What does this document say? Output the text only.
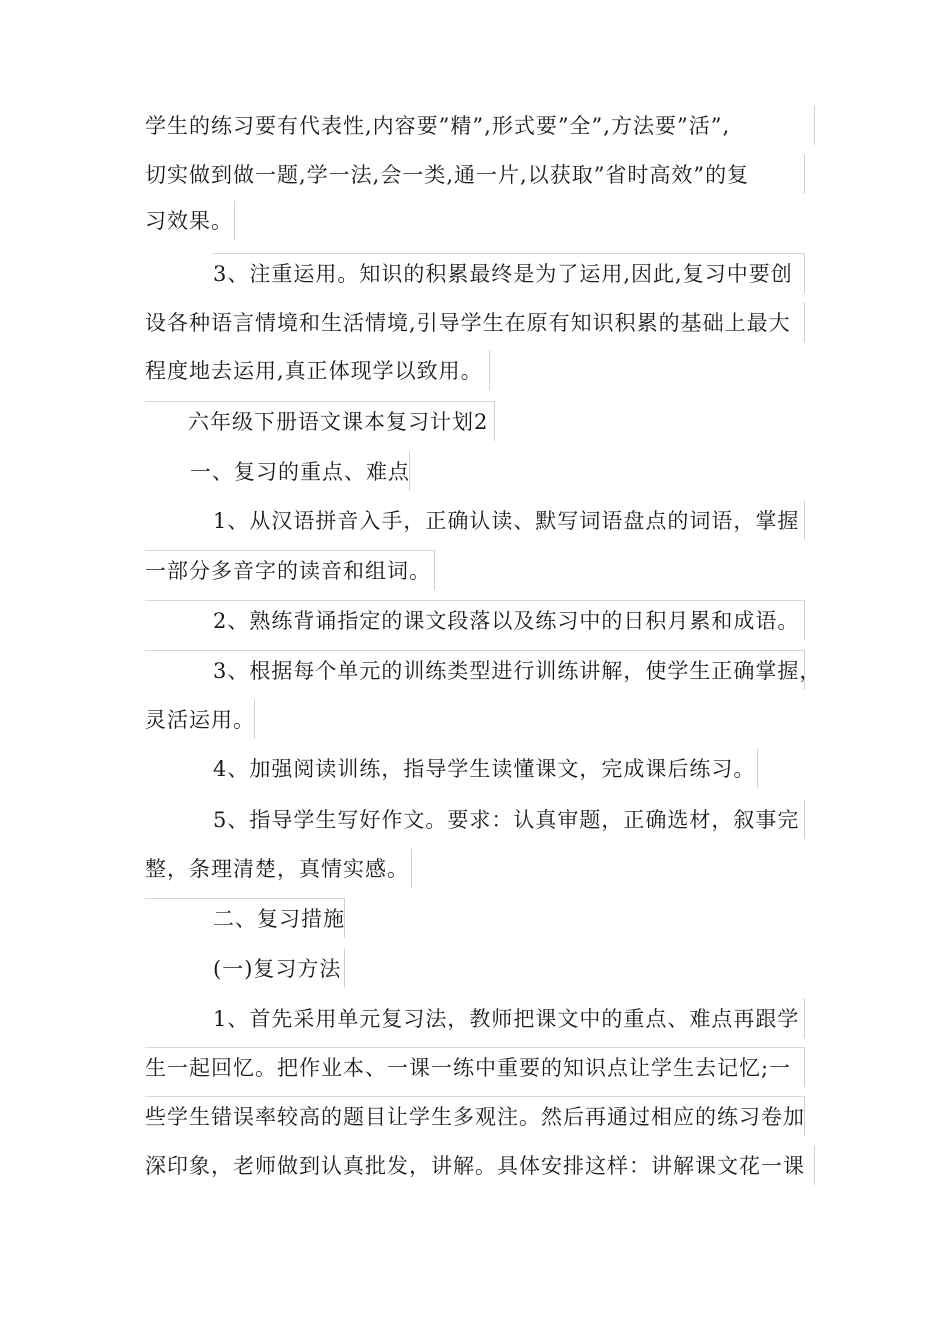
学生的练习要有代表性,内容要”精”,形式要”全”,方法要”活”,
切实做到做一题,学一法,会一类,通一片,以获取”省时高效”的复
习效果。
3、注重运用。知识的积累最终是为了运用,因此,复习中要创
设各种语言情境和生活情境,引导学生在原有知识积累的基础上最大
程度地去运用,真正体现学以致用。
六年级下册语文课本复习计划2
一、复习的重点、难点
1、从汉语拼音入手，正确认读、默写词语盘点的词语，掌握
一部分多音字的读音和组词。
2、熟练背诵指定的课文段落以及练习中的日积月累和成语。
3、根据每个单元的训练类型进行训练讲解，使学生正确掌握，
灵活运用。
4、加强阅读训练，指导学生读懂课文，完成课后练习。
5、指导学生写好作文。要求：认真审题，正确选材，叙事完
整，条理清楚，真情实感。
二、复习措施
(一)复习方法
1、首先采用单元复习法，教师把课文中的重点、难点再跟学
生一起回忆。把作业本、一课一练中重要的知识点让学生去记忆;一
些学生错误率较高的题目让学生多观注。然后再通过相应的练习卷加
深印象，老师做到认真批发，讲解。具体安排这样：讲解课文花一课
